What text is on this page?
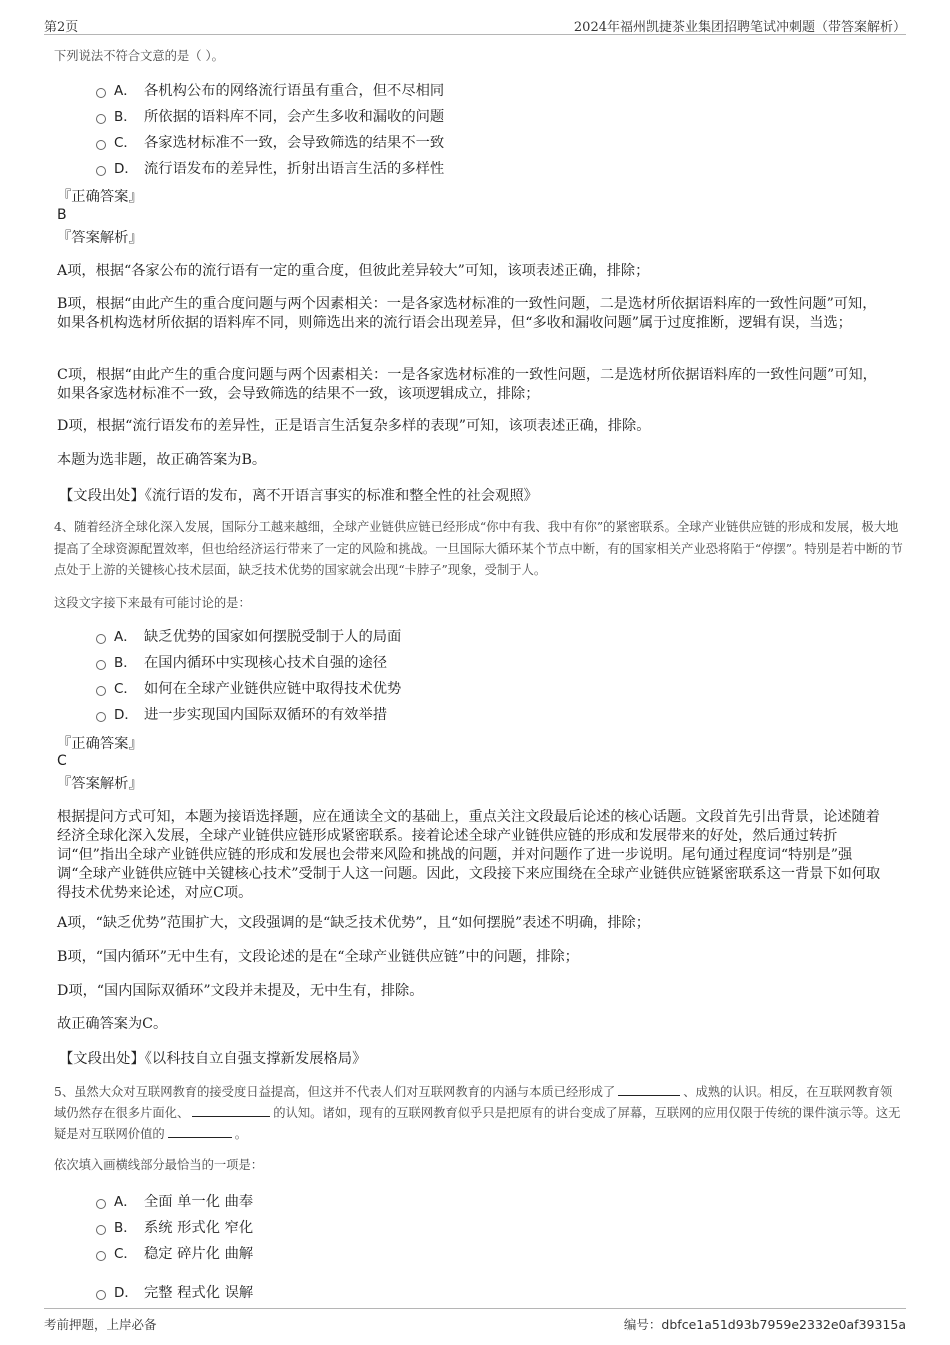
第2页	2024年福州凯捷茶业集团招聘笔试冲刺题（带答案解析）
下列说法不符合文意的是（ ）。
A． 各机构公布的网络流行语虽有重合，但不尽相同
B． 所依据的语料库不同，会产生多收和漏收的问题
C． 各家选材标准不一致，会导致筛选的结果不一致
D． 流行语发布的差异性，折射出语言生活的多样性
『正确答案』
B
『答案解析』
A项，根据“各家公布的流行语有一定的重合度，但彼此差异较大”可知，该项表述正确，排除；
B项，根据“由此产生的重合度问题与两个因素相关：一是各家选材标准的一致性问题，二是选材所依据语料库的一致性问题”可知，如果各机构选材所依据的语料库不同，则筛选出来的流行语会出现差异，但“多收和漏收问题”属于过度推断，逻辑有误，当选；
C项，根据“由此产生的重合度问题与两个因素相关：一是各家选材标准的一致性问题，二是选材所依据语料库的一致性问题”可知，如果各家选材标准不一致，会导致筛选的结果不一致，该项逻辑成立，排除；
D项，根据“流行语发布的差异性，正是语言生活复杂多样的表现”可知，该项表述正确，排除。
本题为选非题，故正确答案为B。
【文段出处】《流行语的发布，离不开语言事实的标准和整全性的社会观照》
4、随着经济全球化深入发展，国际分工越来越细，全球产业链供应链已经形成“你中有我、我中有你”的紧密联系。全球产业链供应链的形成和发展，极大地提高了全球资源配置效率，但也给经济运行带来了一定的风险和挑战。一旦国际大循环某个节点中断，有的国家相关产业恐将陷于“停摆”。特别是若中断的节点处于上游的关键核心技术层面，缺乏技术优势的国家就会出现“卡脖子”现象，受制于人。
这段文字接下来最有可能讨论的是：
A． 缺乏优势的国家如何摆脱受制于人的局面
B． 在国内循环中实现核心技术自强的途径
C． 如何在全球产业链供应链中取得技术优势
D． 进一步实现国内国际双循环的有效举措
『正确答案』
C
『答案解析』
根据提问方式可知，本题为接语选择题，应在通读全文的基础上，重点关注文段最后论述的核心话题。文段首先引出背景，论述随着经济全球化深入发展，全球产业链供应链形成紧密联系。接着论述全球产业链供应链的形成和发展带来的好处，然后通过转折词“但”指出全球产业链供应链的形成和发展也会带来风险和挑战的问题，并对问题作了进一步说明。尾句通过程度词“特别是”强调“全球产业链供应链中关键核心技术”受制于人这一问题。因此，文段接下来应围绕在全球产业链供应链紧密联系这一背景下如何取得技术优势来论述，对应C项。
A项，“缺乏优势”范围扩大，文段强调的是“缺乏技术优势”，且“如何摆脱”表述不明确，排除；
B项，“国内循环”无中生有，文段论述的是在“全球产业链供应链”中的问题，排除；
D项，“国内国际双循环”文段并未提及，无中生有，排除。
故正确答案为C。
【文段出处】《以科技自立自强支撑新发展格局》
5、虽然大众对互联网教育的接受度日益提高，但这并不代表人们对互联网教育的内涵与本质已经形成了	、成熟的认识。相反，在互联网教育领域仍然存在很多片面化、	的认知。诸如，现有的互联网教育似乎只是把原有的讲台变成了屏幕，互联网的应用仅限于传统的课件演示等。这无疑是对互联网价值的	。
依次填入画横线部分最恰当的一项是：
A． 全面 单一化 曲奉
B． 系统 形式化 窄化
C． 稳定 碎片化 曲解
D． 完整 程式化 误解
考前押题，上岸必备	编号：dbfce1a51d93b7959e2332e0af39315a
